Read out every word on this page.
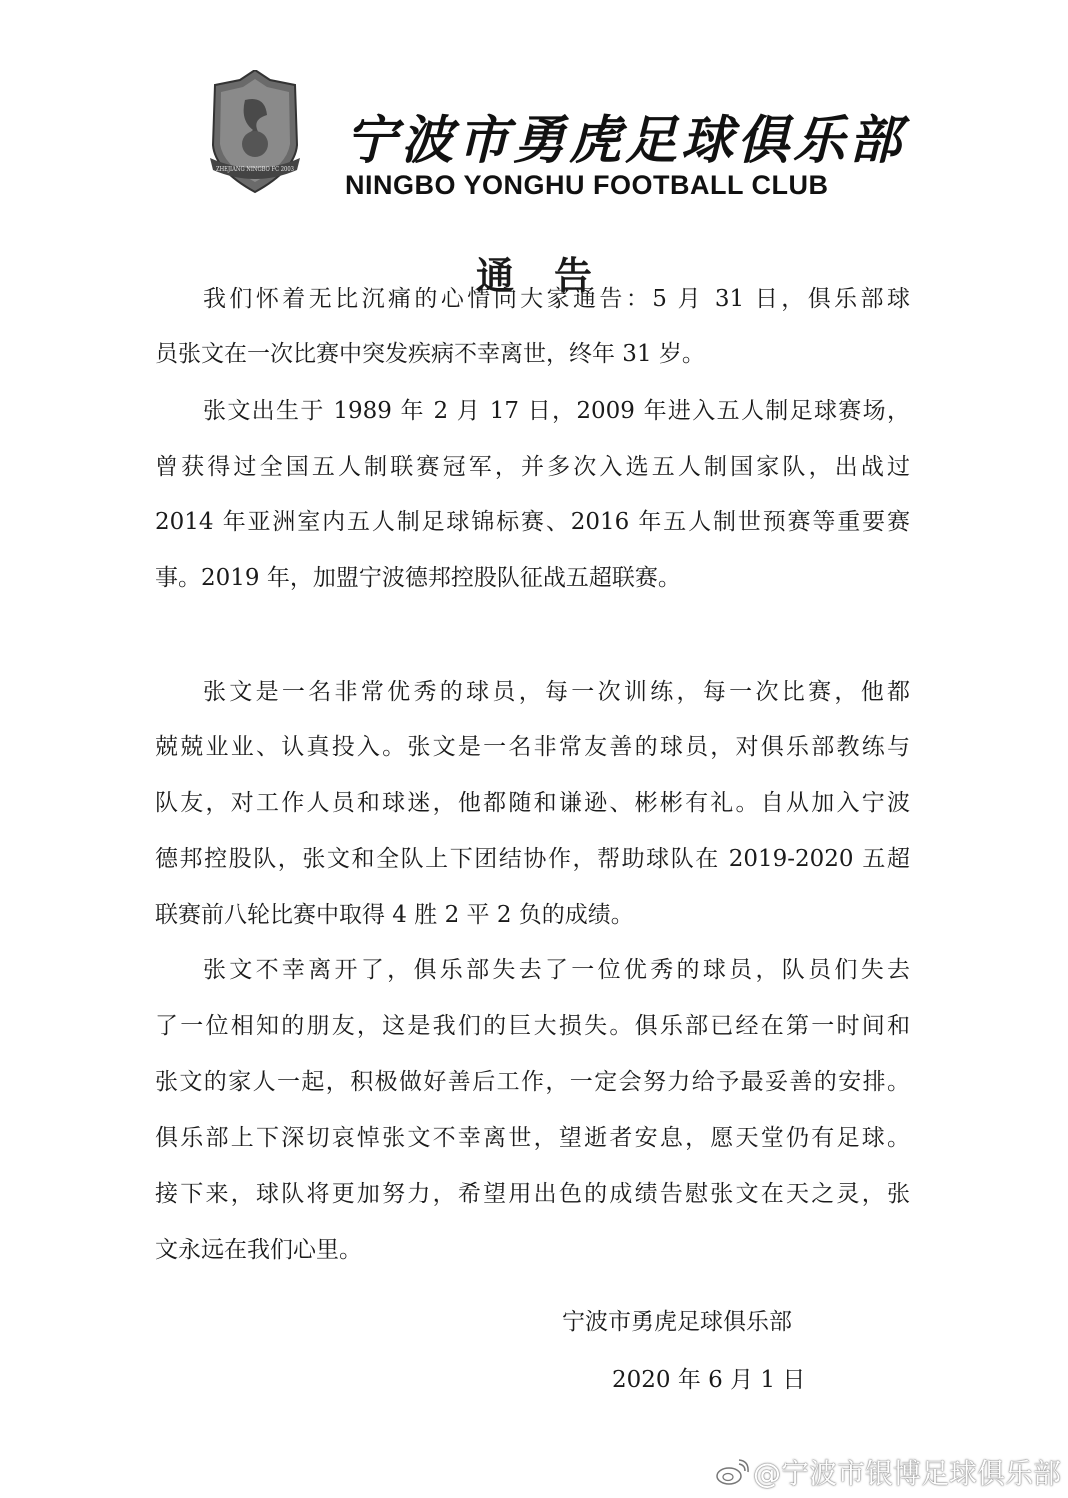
ZHEJIANG NINGBO FC 2003 宁波市勇虎足球俱乐部
NINGBO YONGHU FOOTBALL CLUB
通告
我们怀着无比沉痛的心情向大家通告：5 月 31 日，俱乐部球
员张文在一次比赛中突发疾病不幸离世，终年 31 岁。
张文出生于 1989 年 2 月 17 日，2009 年进入五人制足球赛场，
曾获得过全国五人制联赛冠军，并多次入选五人制国家队，出战过
2014 年亚洲室内五人制足球锦标赛、2016 年五人制世预赛等重要赛
事。2019 年，加盟宁波德邦控股队征战五超联赛。
张文是一名非常优秀的球员，每一次训练，每一次比赛，他都
兢兢业业、认真投入。张文是一名非常友善的球员，对俱乐部教练与
队友，对工作人员和球迷，他都随和谦逊、彬彬有礼。自从加入宁波
德邦控股队，张文和全队上下团结协作，帮助球队在 2019-2020 五超
联赛前八轮比赛中取得 4 胜 2 平 2 负的成绩。
张文不幸离开了，俱乐部失去了一位优秀的球员，队员们失去
了一位相知的朋友，这是我们的巨大损失。俱乐部已经在第一时间和
张文的家人一起，积极做好善后工作，一定会努力给予最妥善的安排。
俱乐部上下深切哀悼张文不幸离世，望逝者安息，愿天堂仍有足球。
接下来，球队将更加努力，希望用出色的成绩告慰张文在天之灵，张
文永远在我们心里。
宁波市勇虎足球俱乐部
2020 年 6 月 1 日
@宁波市银博足球俱乐部
